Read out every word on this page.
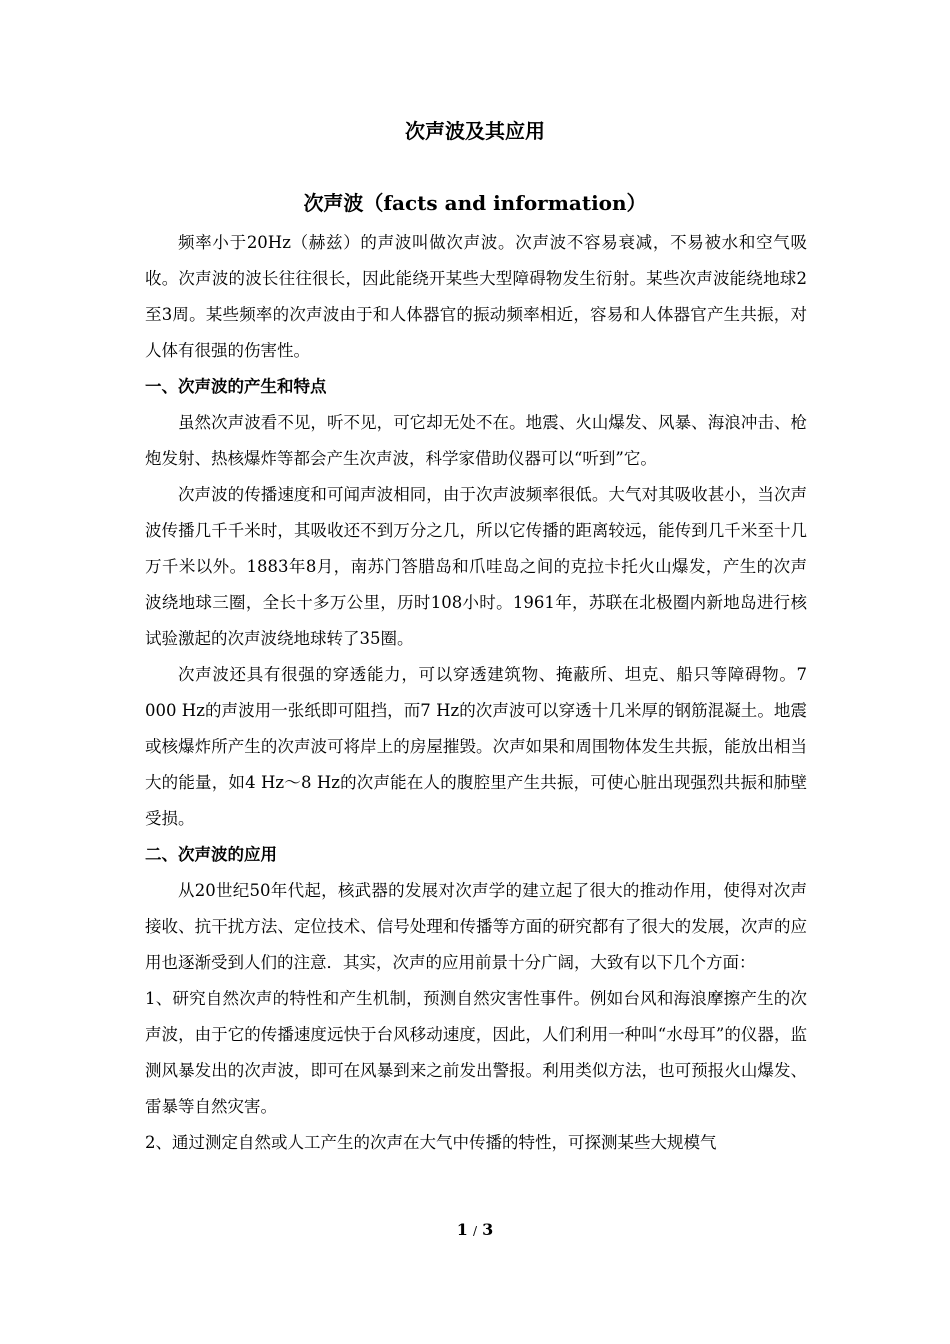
次声波及其应用
次声波（facts and information）

频率小于20Hz（赫兹）的声波叫做次声波。次声波不容易衰减，不易被水和空气吸收。次声波的波长往往很长，因此能绕开某些大型障碍物发生衍射。某些次声波能绕地球2至3周。某些频率的次声波由于和人体器官的振动频率相近，容易和人体器官产生共振，对人体有很强的伤害性。

一、次声波的产生和特点

虽然次声波看不见，听不见，可它却无处不在。地震、火山爆发、风暴、海浪冲击、枪炮发射、热核爆炸等都会产生次声波，科学家借助仪器可以“听到”它。

次声波的传播速度和可闻声波相同，由于次声波频率很低。大气对其吸收甚小，当次声波传播几千千米时，其吸收还不到万分之几，所以它传播的距离较远，能传到几千米至十几万千米以外。1883年8月，南苏门答腊岛和爪哇岛之间的克拉卡托火山爆发，产生的次声波绕地球三圈，全长十多万公里，历时108小时。1961年，苏联在北极圈内新地岛进行核试验激起的次声波绕地球转了35圈。

次声波还具有很强的穿透能力，可以穿透建筑物、掩蔽所、坦克、船只等障碍物。7 000 Hz的声波用一张纸即可阻挡，而7 Hz的次声波可以穿透十几米厚的钢筋混凝土。地震或核爆炸所产生的次声波可将岸上的房屋摧毁。次声如果和周围物体发生共振，能放出相当大的能量，如4 Hz～8 Hz的次声能在人的腹腔里产生共振，可使心脏出现强烈共振和肺壁受损。

二、次声波的应用

从20世纪50年代起，核武器的发展对次声学的建立起了很大的推动作用，使得对次声接收、抗干扰方法、定位技术、信号处理和传播等方面的研究都有了很大的发展，次声的应用也逐渐受到人们的注意．其实，次声的应用前景十分广阔，大致有以下几个方面：

1、研究自然次声的特性和产生机制，预测自然灾害性事件。例如台风和海浪摩擦产生的次声波，由于它的传播速度远快于台风移动速度，因此，人们利用一种叫“水母耳”的仪器，监测风暴发出的次声波，即可在风暴到来之前发出警报。利用类似方法，也可预报火山爆发、雷暴等自然灾害。

2、通过测定自然或人工产生的次声在大气中传播的特性，可探测某些大规模气

1 / 3
